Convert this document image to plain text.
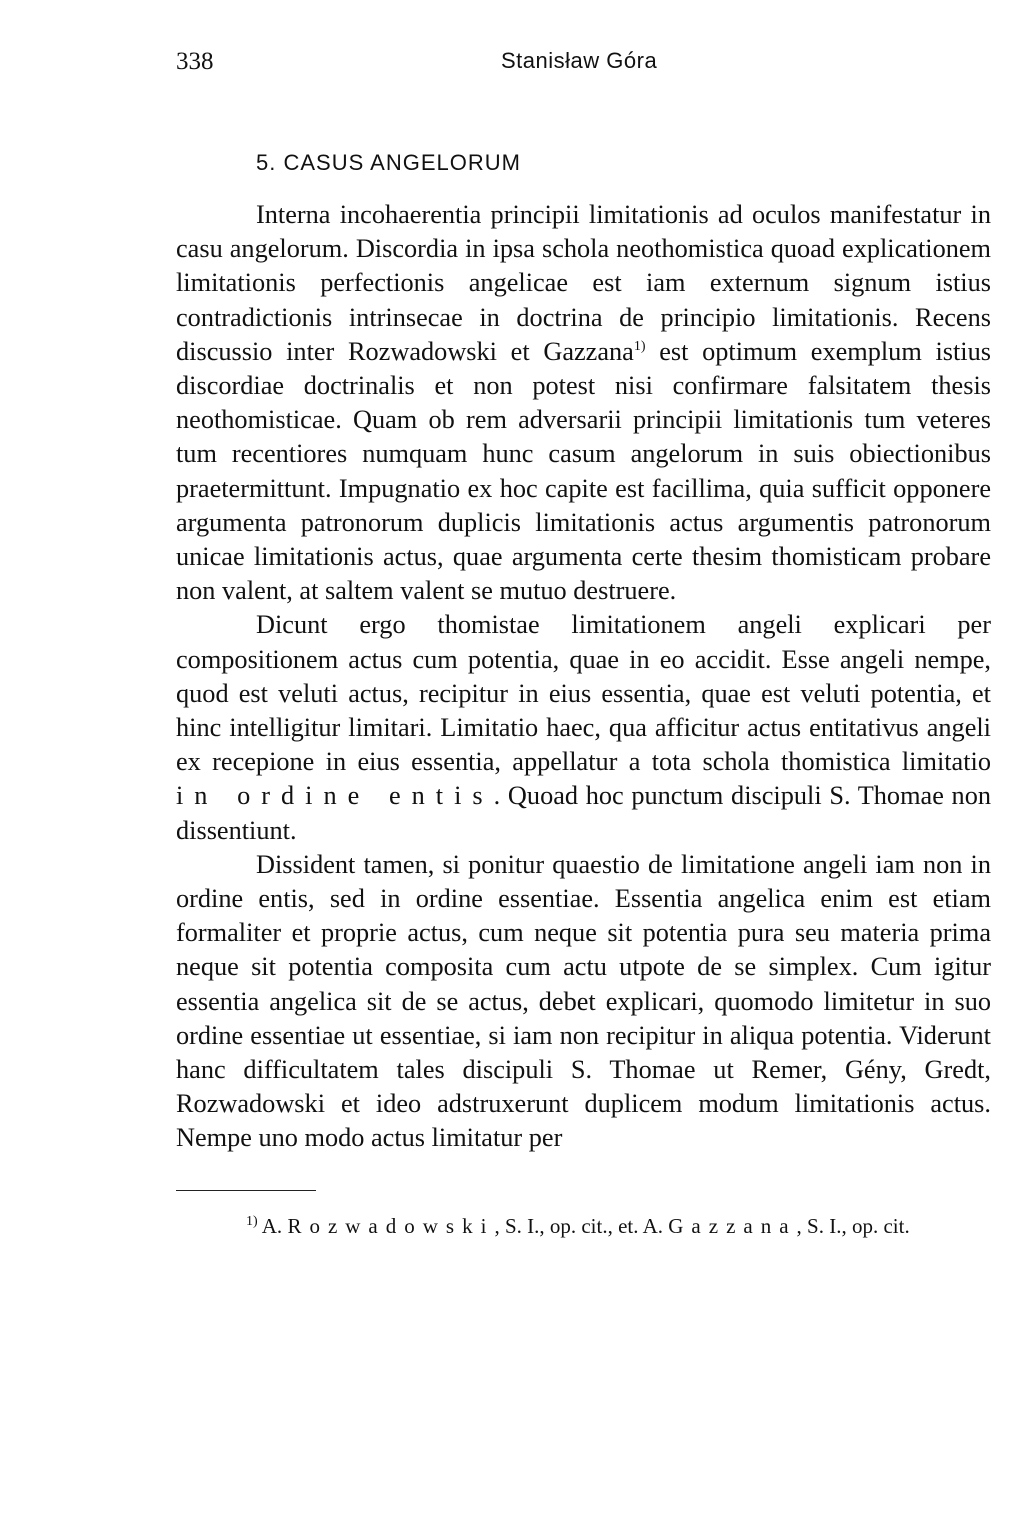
338	Stanisław Góra
5. CASUS ANGELORUM

Interna incohaerentia principii limitationis ad oculos manifestatur in casu angelorum. Discordia in ipsa schola neothomistica quoad explicationem limitationis perfectionis angelicae est iam externum signum istius contradictionis intrinsecae in doctrina de principio limitationis. Recens discussio inter Rozwadowski et Gazzana$^{1)}$ est optimum exemplum istius discordiae doctrinalis et non potest nisi confirmare falsitatem thesis neothomisticae. Quam ob rem adversarii principii limitationis tum veteres tum recentiores numquam hunc casum angelorum in suis obiectionibus praetermittunt. Impugnatio ex hoc capite est facillima, quia sufficit opponere argumenta patronorum duplicis limitationis actus argumentis patronorum unicae limitationis actus, quae argumenta certe thesim thomisticam probare non valent, at saltem valent se mutuo destruere.

Dicunt ergo thomistae limitationem angeli explicari per compositionem actus cum potentia, quae in eo accidit. Esse angeli nempe, quod est veluti actus, recipitur in eius essentia, quae est veluti potentia, et hinc intelligitur limitari. Limitatio haec, qua afficitur actus entitativus angeli ex recepione in eius essentia, appellatur a tota schola thomistica limitatio in ordine entis. Quoad hoc punctum discipuli S. Thomae non dissentiunt.

Dissident tamen, si ponitur quaestio de limitatione angeli iam non in ordine entis, sed in ordine essentiae. Essentia angelica enim est etiam formaliter et proprie actus, cum neque sit potentia pura seu materia prima neque sit potentia composita cum actu utpote de se simplex. Cum igitur essentia angelica sit de se actus, debet explicari, quomodo limitetur in suo ordine essentiae ut essentiae, si iam non recipitur in aliqua potentia. Viderunt hanc difficultatem tales discipuli S. Thomae ut Remer, Gény, Gredt, Rozwadowski et ideo adstruxerunt duplicem modum limitationis actus. Nempe uno modo actus limitatur per

$^{1)}$ A. Rozwadowski, S. I., op. cit., et. A. Gazzana, S. I., op. cit.
